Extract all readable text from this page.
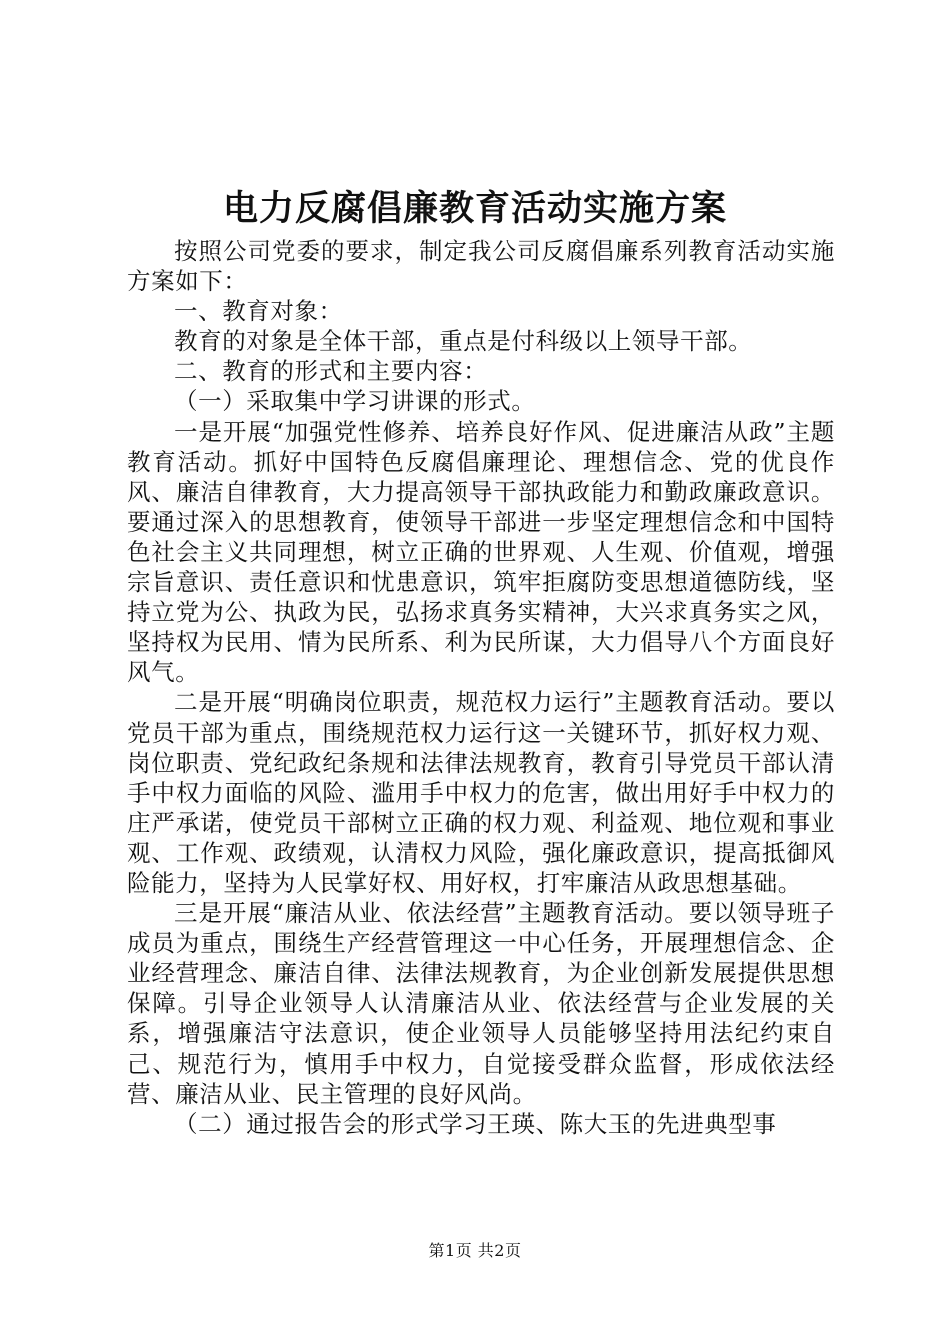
电力反腐倡廉教育活动实施方案

按照公司党委的要求，制定我公司反腐倡廉系列教育活动实施方案如下：

一、教育对象：

教育的对象是全体干部，重点是付科级以上领导干部。

二、教育的形式和主要内容：

（一）采取集中学习讲课的形式。

一是开展“加强党性修养、培养良好作风、促进廉洁从政”主题教育活动。抓好中国特色反腐倡廉理论、理想信念、党的优良作风、廉洁自律教育，大力提高领导干部执政能力和勤政廉政意识。要通过深入的思想教育，使领导干部进一步坚定理想信念和中国特色社会主义共同理想，树立正确的世界观、人生观、价值观，增强宗旨意识、责任意识和忧患意识，筑牢拒腐防变思想道德防线，坚持立党为公、执政为民，弘扬求真务实精神，大兴求真务实之风，坚持权为民用、情为民所系、利为民所谋，大力倡导八个方面良好风气。

二是开展“明确岗位职责，规范权力运行”主题教育活动。要以党员干部为重点，围绕规范权力运行这一关键环节，抓好权力观、岗位职责、党纪政纪条规和法律法规教育，教育引导党员干部认清手中权力面临的风险、滥用手中权力的危害，做出用好手中权力的庄严承诺，使党员干部树立正确的权力观、利益观、地位观和事业观、工作观、政绩观，认清权力风险，强化廉政意识，提高抵御风险能力，坚持为人民掌好权、用好权，打牢廉洁从政思想基础。

三是开展“廉洁从业、依法经营”主题教育活动。要以领导班子成员为重点，围绕生产经营管理这一中心任务，开展理想信念、企业经营理念、廉洁自律、法律法规教育，为企业创新发展提供思想保障。引导企业领导人认清廉洁从业、依法经营与企业发展的关系，增强廉洁守法意识，使企业领导人员能够坚持用法纪约束自己、规范行为，慎用手中权力，自觉接受群众监督，形成依法经营、廉洁从业、民主管理的良好风尚。

（二）通过报告会的形式学习王瑛、陈大玉的先进典型事

第1页 共2页
